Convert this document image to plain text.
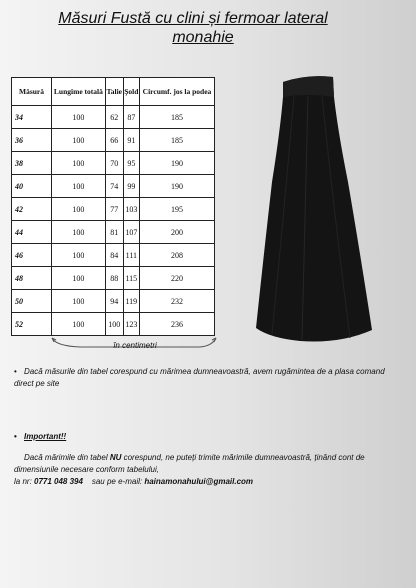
Măsuri Fustă cu clini și fermoar lateral
monahie
Măsură	Lungime totală	Talie	Şold	Circumf. jos la podea
34	100	62	87	185
36	100	66	91	185
38	100	70	95	190
40	100	74	99	190
42	100	77	103	195
44	100	81	107	200
46	100	84	111	208
48	100	88	115	220
50	100	94	119	232
52	100	100	123	236
în centimetri
• Dacă măsurile din tabel corespund cu mărimea dumneavoastră, avem rugămintea de a plasa comand direct pe site
• Important!!
Dacă mărimile din tabel NU corespund, ne puteți trimite mărimile dumneavoastră, ținând cont de dimensiunile necesare conform tabelului,
la nr: 0771 048 394    sau pe e-mail: hainamonahului@gmail.com
